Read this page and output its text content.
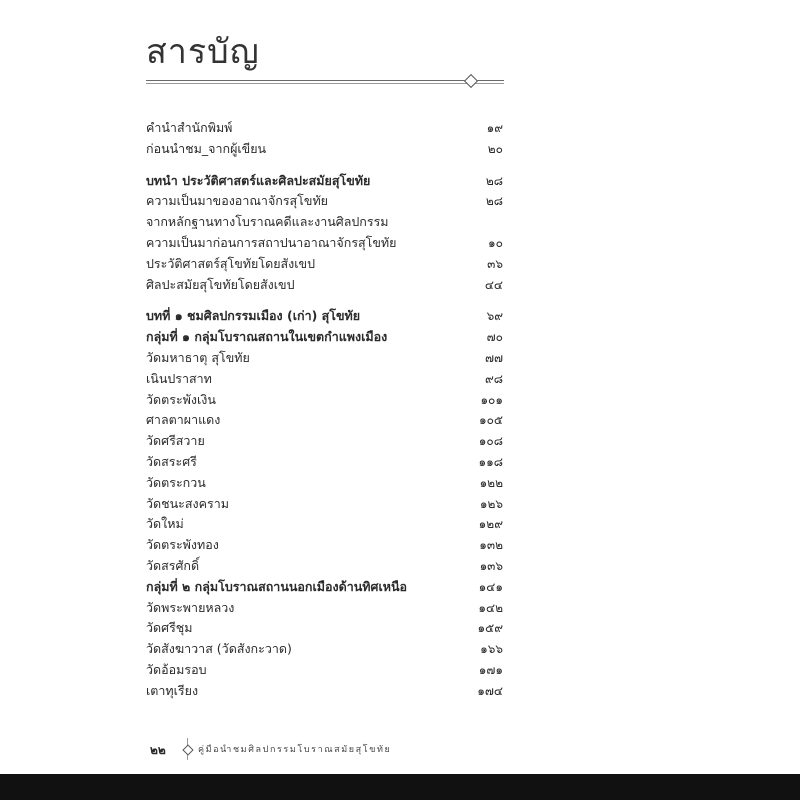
สารบัญ
คำนำสำนักพิมพ์	๑๙
ก่อนนำชม_จากผู้เขียน	๒๐
บทนำ ประวัติศาสตร์และศิลปะสมัยสุโขทัย	๒๘
ความเป็นมาของอาณาจักรสุโขทัย	๒๘
จากหลักฐานทางโบราณคดีและงานศิลปกรรม
ความเป็นมาก่อนการสถาปนาอาณาจักรสุโขทัย	๑๐
ประวัติศาสตร์สุโขทัยโดยสังเขป	๓๖
ศิลปะสมัยสุโขทัยโดยสังเขป	๔๔
บทที่ ๑ ชมศิลปกรรมเมือง (เก่า) สุโขทัย	๖๙
กลุ่มที่ ๑ กลุ่มโบราณสถานในเขตกำแพงเมือง	๗๐
วัดมหาธาตุ สุโขทัย	๗๗
เนินปราสาท	๙๘
วัดตระพังเงิน	๑๐๑
ศาลตาผาแดง	๑๐๕
วัดศรีสวาย	๑๐๘
วัดสระศรี	๑๑๘
วัดตระกวน	๑๒๒
วัดชนะสงคราม	๑๒๖
วัดใหม่	๑๒๙
วัดตระพังทอง	๑๓๒
วัดสรศักดิ์	๑๓๖
กลุ่มที่ ๒ กลุ่มโบราณสถานนอกเมืองด้านทิศเหนือ	๑๔๑
วัดพระพายหลวง	๑๔๒
วัดศรีชุม	๑๕๙
วัดสังฆาวาส (วัดสังกะวาด)	๑๖๖
วัดอ้อมรอบ	๑๗๑
เตาทุเรียง	๑๗๔
๒๒	คู่มือนำชมศิลปกรรมโบราณสมัยสุโขทัย
